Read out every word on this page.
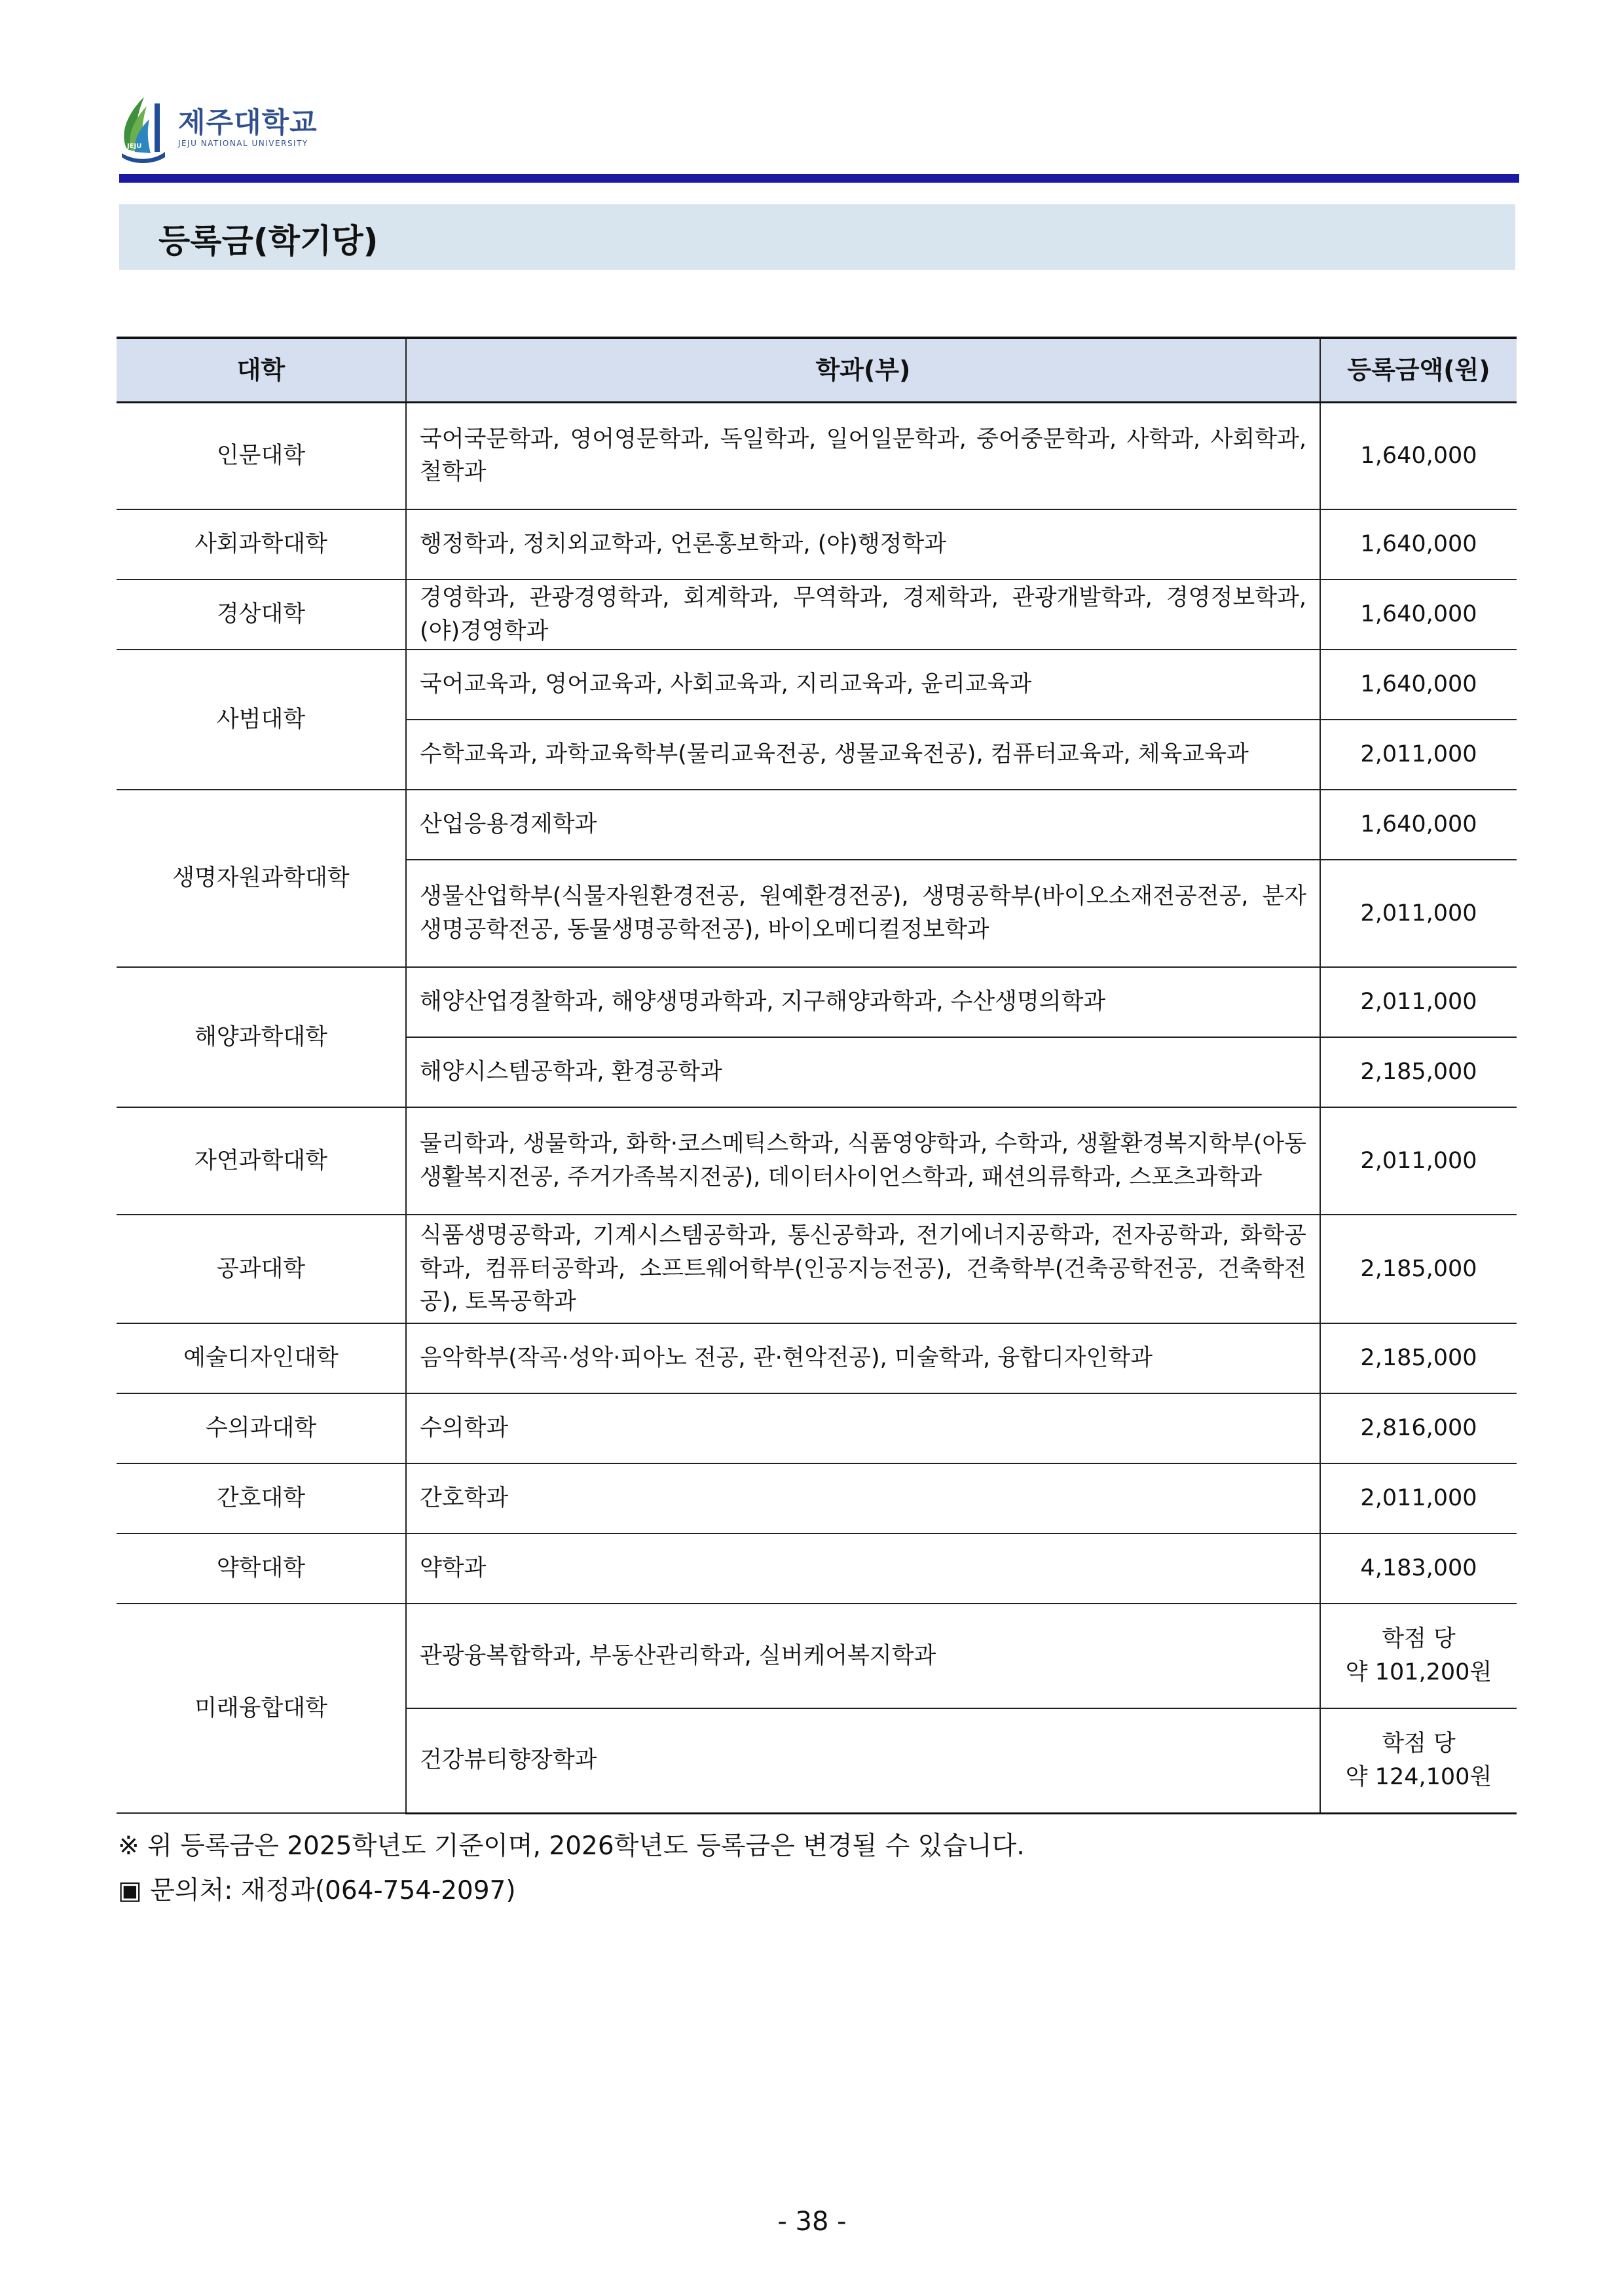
JEJU
제주대학교
JEJU NATIONAL UNIVERSITY
등록금(학기당)
대학	학과(부)	등록금액(원)
인문대학	국어국문학과, 영어영문학과, 독일학과, 일어일문학과, 중어중문학과, 사학과, 사회학과, 철학과	1,640,000
사회과학대학	행정학과, 정치외교학과, 언론홍보학과, (야)행정학과	1,640,000
경상대학	경영학과, 관광경영학과, 회계학과, 무역학과, 경제학과, 관광개발학과, 경영정보학과, (야)경영학과	1,640,000
사범대학	국어교육과, 영어교육과, 사회교육과, 지리교육과, 윤리교육과	1,640,000
	수학교육과, 과학교육학부(물리교육전공, 생물교육전공), 컴퓨터교육과, 체육교육과	2,011,000
생명자원과학대학	산업응용경제학과	1,640,000
	생물산업학부(식물자원환경전공, 원예환경전공), 생명공학부(바이오소재전공전공, 분자생명공학전공, 동물생명공학전공), 바이오메디컬정보학과	2,011,000
해양과학대학	해양산업경찰학과, 해양생명과학과, 지구해양과학과, 수산생명의학과	2,011,000
	해양시스템공학과, 환경공학과	2,185,000
자연과학대학	물리학과, 생물학과, 화학·코스메틱스학과, 식품영양학과, 수학과, 생활환경복지학부(아동생활복지전공, 주거가족복지전공), 데이터사이언스학과, 패션의류학과, 스포츠과학과	2,011,000
공과대학	식품생명공학과, 기계시스템공학과, 통신공학과, 전기에너지공학과, 전자공학과, 화학공학과, 컴퓨터공학과, 소프트웨어학부(인공지능전공), 건축학부(건축공학전공, 건축학전공), 토목공학과	2,185,000
예술디자인대학	음악학부(작곡·성악·피아노 전공, 관·현악전공), 미술학과, 융합디자인학과	2,185,000
수의과대학	수의학과	2,816,000
간호대학	간호학과	2,011,000
약학대학	약학과	4,183,000
미래융합대학	관광융복합학과, 부동산관리학과, 실버케어복지학과	학점 당
약 101,200원
	건강뷰티향장학과	학점 당
약 124,100원
※ 위 등록금은 2025학년도 기준이며, 2026학년도 등록금은 변경될 수 있습니다.
▣ 문의처: 재정과(064-754-2097)
- 38 -
